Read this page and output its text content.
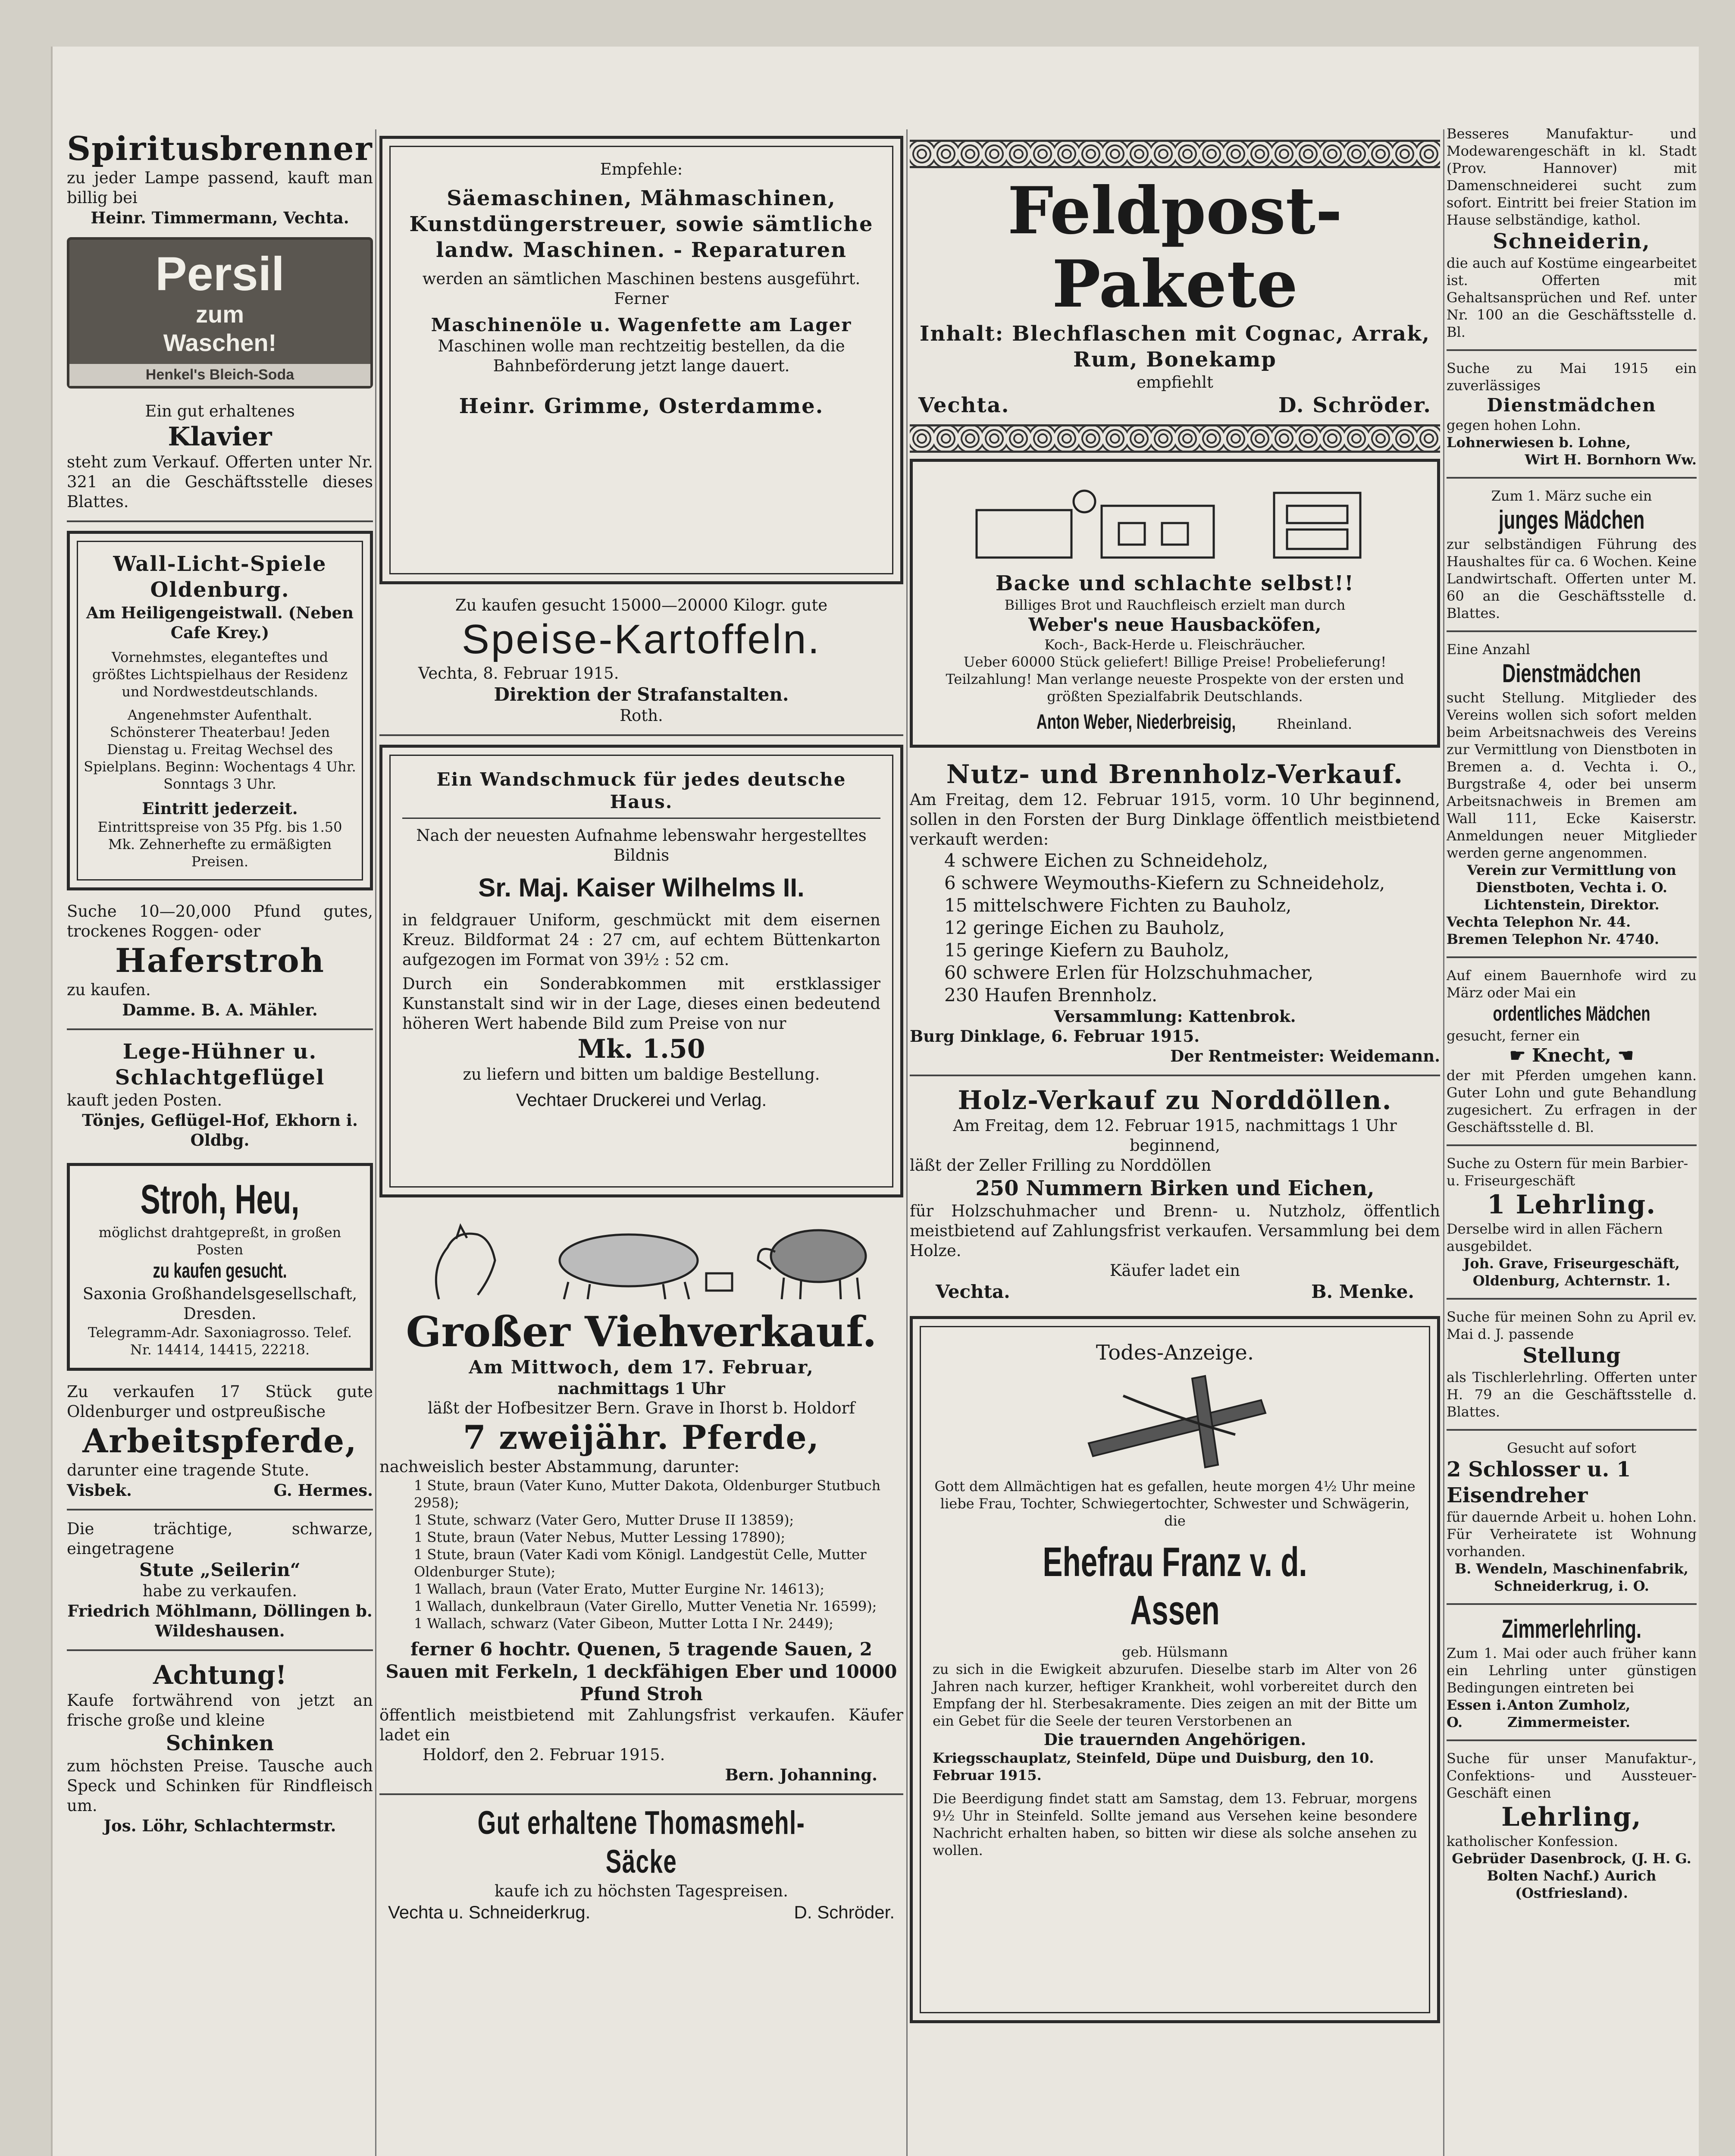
Spiritusbrenner

zu jeder Lampe passend, kauft man billig bei

Heinr. Timmermann, Vechta.

Persil

zum

Waschen!

Henkel's Bleich-Soda

Ein gut erhaltenes

Klavier

steht zum Verkauf. Offerten unter Nr. 321 an die Geschäftsstelle dieses Blattes.

Wall-Licht-Spiele

Oldenburg.

Am Heiligengeistwall. (Neben Cafe Krey.)

Vornehmstes, eleganteftes und größtes Lichtspielhaus der Residenz und Nordwestdeutschlands.

Angenehmster Aufenthalt. Schönsterer Theaterbau! Jeden Dienstag u. Freitag Wechsel des Spielplans. Beginn: Wochentags 4 Uhr. Sonntags 3 Uhr.

Eintritt jederzeit.

Eintrittspreise von 35 Pfg. bis 1.50 Mk. Zehnerhefte zu ermäßigten Preisen.

Suche 10—20,000 Pfund gutes, trockenes Roggen- oder

Haferstroh

zu kaufen.

Damme. B. A. Mähler.

Lege-Hühner u. Schlachtgeflügel

kauft jeden Posten.

Tönjes, Geflügel-Hof, Ekhorn i. Oldbg.

Stroh, Heu,

möglichst drahtgepreßt, in großen Posten

zu kaufen gesucht.

Saxonia Großhandelsgesellschaft, Dresden.

Telegramm-Adr. Saxoniagrosso. Telef. Nr. 14414, 14415, 22218.

Zu verkaufen 17 Stück gute Oldenburger und ostpreußische

Arbeitspferde,

darunter eine tragende Stute.

Visbek.	G. Hermes.

Die trächtige, schwarze, eingetragene

Stute „Seilerin“

habe zu verkaufen.

Friedrich Möhlmann, Döllingen b. Wildeshausen.

Achtung!

Kaufe fortwährend von jetzt an frische große und kleine

Schinken

zum höchsten Preise. Tausche auch Speck und Schinken für Rindfleisch um.

Jos. Löhr, Schlachtermstr.

Empfehle:

Säemaschinen, Mähmaschinen, Kunstdüngerstreuer, sowie sämtliche landw. Maschinen. - Reparaturen

werden an sämtlichen Maschinen bestens ausgeführt. Ferner

Maschinenöle u. Wagenfette am Lager

Maschinen wolle man rechtzeitig bestellen, da die Bahnbeförderung jetzt lange dauert.

Heinr. Grimme, Osterdamme.

Zu kaufen gesucht 15000—20000 Kilogr. gute

Speise-Kartoffeln.

Vechta, 8. Februar 1915.

Direktion der Strafanstalten.

Roth.

Ein Wandschmuck für jedes deutsche Haus.

Nach der neuesten Aufnahme lebenswahr hergestelltes Bildnis

Sr. Maj. Kaiser Wilhelms II.

in feldgrauer Uniform, geschmückt mit dem eisernen Kreuz. Bildformat 24 : 27 cm, auf echtem Büttenkarton aufgezogen im Format von 39½ : 52 cm.

Durch ein Sonderabkommen mit erstklassiger Kunstanstalt sind wir in der Lage, dieses einen bedeutend höheren Wert habende Bild zum Preise von nur

Mk. 1.50

zu liefern und bitten um baldige Bestellung.

Vechtaer Druckerei und Verlag.

Großer Viehverkauf.

Am Mittwoch, dem 17. Februar,

nachmittags 1 Uhr

läßt der Hofbesitzer Bern. Grave in Ihorst b. Holdorf

7 zweijähr. Pferde,

nachweislich bester Abstammung, darunter:

1 Stute, braun (Vater Kuno, Mutter Dakota, Oldenburger Stutbuch 2958);

1 Stute, schwarz (Vater Gero, Mutter Druse II 13859);

1 Stute, braun (Vater Nebus, Mutter Lessing 17890);

1 Stute, braun (Vater Kadi vom Königl. Landgestüt Celle, Mutter Oldenburger Stute);

1 Wallach, braun (Vater Erato, Mutter Eurgine Nr. 14613);

1 Wallach, dunkelbraun (Vater Girello, Mutter Venetia Nr. 16599);

1 Wallach, schwarz (Vater Gibeon, Mutter Lotta I Nr. 2449);

ferner 6 hochtr. Quenen, 5 tragende Sauen, 2 Sauen mit Ferkeln, 1 deckfähigen Eber und 10000 Pfund Stroh

öffentlich meistbietend mit Zahlungsfrist verkaufen. Käufer ladet ein

Holdorf, den 2. Februar 1915.

Bern. Johanning.

Gut erhaltene Thomasmehl-Säcke

kaufe ich zu höchsten Tagespreisen.

Vechta u. Schneiderkrug.	D. Schröder.

Feldpost-Pakete

Inhalt: Blechflaschen mit Cognac, Arrak, Rum, Bonekamp

empfiehlt

Vechta.	D. Schröder.

Backe und schlachte selbst!!

Billiges Brot und Rauchfleisch erzielt man durch

Weber's neue Hausbacköfen,

Koch-, Back-Herde u. Fleischräucher.

Ueber 60000 Stück geliefert! Billige Preise! Probelieferung! Teilzahlung! Man verlange neueste Prospekte von der ersten und größten Spezialfabrik Deutschlands.

Anton Weber, Niederbreisig,	Rheinland.

Nutz- und Brennholz-Verkauf.

Am Freitag, dem 12. Februar 1915, vorm. 10 Uhr beginnend, sollen in den Forsten der Burg Dinklage öffentlich meistbietend verkauft werden:

4 schwere Eichen zu Schneideholz,

6 schwere Weymouths-Kiefern zu Schneideholz,

15 mittelschwere Fichten zu Bauholz,

12 geringe Eichen zu Bauholz,

15 geringe Kiefern zu Bauholz,

60 schwere Erlen für Holzschuhmacher,

230 Haufen Brennholz.

Versammlung: Kattenbrok.

Burg Dinklage, 6. Februar 1915.

Der Rentmeister: Weidemann.

Holz-Verkauf zu Norddöllen.

Am Freitag, dem 12. Februar 1915, nachmittags 1 Uhr beginnend,

läßt der Zeller Frilling zu Norddöllen

250 Nummern Birken und Eichen,

für Holzschuhmacher und Brenn- u. Nutzholz, öffentlich meistbietend auf Zahlungsfrist verkaufen. Versammlung bei dem Holze.

Käufer ladet ein

Vechta.	B. Menke.

Todes-Anzeige.

Gott dem Allmächtigen hat es gefallen, heute morgen 4½ Uhr meine liebe Frau, Tochter, Schwiegertochter, Schwester und Schwägerin, die

Ehefrau Franz v. d. Assen

geb. Hülsmann

zu sich in die Ewigkeit abzurufen. Dieselbe starb im Alter von 26 Jahren nach kurzer, heftiger Krankheit, wohl vorbereitet durch den Empfang der hl. Sterbesakramente. Dies zeigen an mit der Bitte um ein Gebet für die Seele der teuren Verstorbenen an

Die trauernden Angehörigen.

Kriegsschauplatz, Steinfeld, Düpe und Duisburg, den 10. Februar 1915.

Die Beerdigung findet statt am Samstag, dem 13. Februar, morgens 9½ Uhr in Steinfeld. Sollte jemand aus Versehen keine besondere Nachricht erhalten haben, so bitten wir diese als solche ansehen zu wollen.

Besseres Manufaktur- und Modewarengeschäft in kl. Stadt (Prov. Hannover) mit Damenschneiderei sucht zum sofort. Eintritt bei freier Station im Hause selbständige, kathol.

Schneiderin,

die auch auf Kostüme eingearbeitet ist. Offerten mit Gehaltsansprüchen und Ref. unter Nr. 100 an die Geschäftsstelle d. Bl.

Suche zu Mai 1915 ein zuverlässiges

Dienstmädchen

gegen hohen Lohn.

Lohnerwiesen b. Lohne,

Wirt H. Bornhorn Ww.

Zum 1. März suche ein

junges Mädchen

zur selbständigen Führung des Haushaltes für ca. 6 Wochen. Keine Landwirtschaft. Offerten unter M. 60 an die Geschäftsstelle d. Blattes.

Eine Anzahl

Dienstmädchen

sucht Stellung. Mitglieder des Vereins wollen sich sofort melden beim Arbeitsnachweis des Vereins zur Vermittlung von Dienstboten in Bremen a. d. Vechta i. O., Burgstraße 4, oder bei unserm Arbeitsnachweis in Bremen am Wall 111, Ecke Kaiserstr. Anmeldungen neuer Mitglieder werden gerne angenommen.

Verein zur Vermittlung von Dienstboten, Vechta i. O. Lichtenstein, Direktor.

Vechta Telephon Nr. 44.

Bremen Telephon Nr. 4740.

Auf einem Bauernhofe wird zu März oder Mai ein

ordentliches Mädchen

gesucht, ferner ein

☛ Knecht, ☚

der mit Pferden umgehen kann. Guter Lohn und gute Behandlung zugesichert. Zu erfragen in der Geschäftsstelle d. Bl.

Suche zu Ostern für mein Barbier- u. Friseurgeschäft

1 Lehrling.

Derselbe wird in allen Fächern ausgebildet.

Joh. Grave, Friseurgeschäft, Oldenburg, Achternstr. 1.

Suche für meinen Sohn zu April ev. Mai d. J. passende

Stellung

als Tischlerlehrling. Offerten unter H. 79 an die Geschäftsstelle d. Blattes.

Gesucht auf sofort

2 Schlosser u. 1 Eisendreher

für dauernde Arbeit u. hohen Lohn. Für Verheiratete ist Wohnung vorhanden.

B. Wendeln, Maschinenfabrik, Schneiderkrug, i. O.

Zimmerlehrling.

Zum 1. Mai oder auch früher kann ein Lehrling unter günstigen Bedingungen eintreten bei

Essen i. O.
Anton Zumholz, Zimmermeister.

Suche für unser Manufaktur-, Confektions- und Aussteuer-Geschäft einen

Lehrling,

katholischer Konfession.

Gebrüder Dasenbrock, (J. H. G. Bolten Nachf.) Aurich (Ostfriesland).
